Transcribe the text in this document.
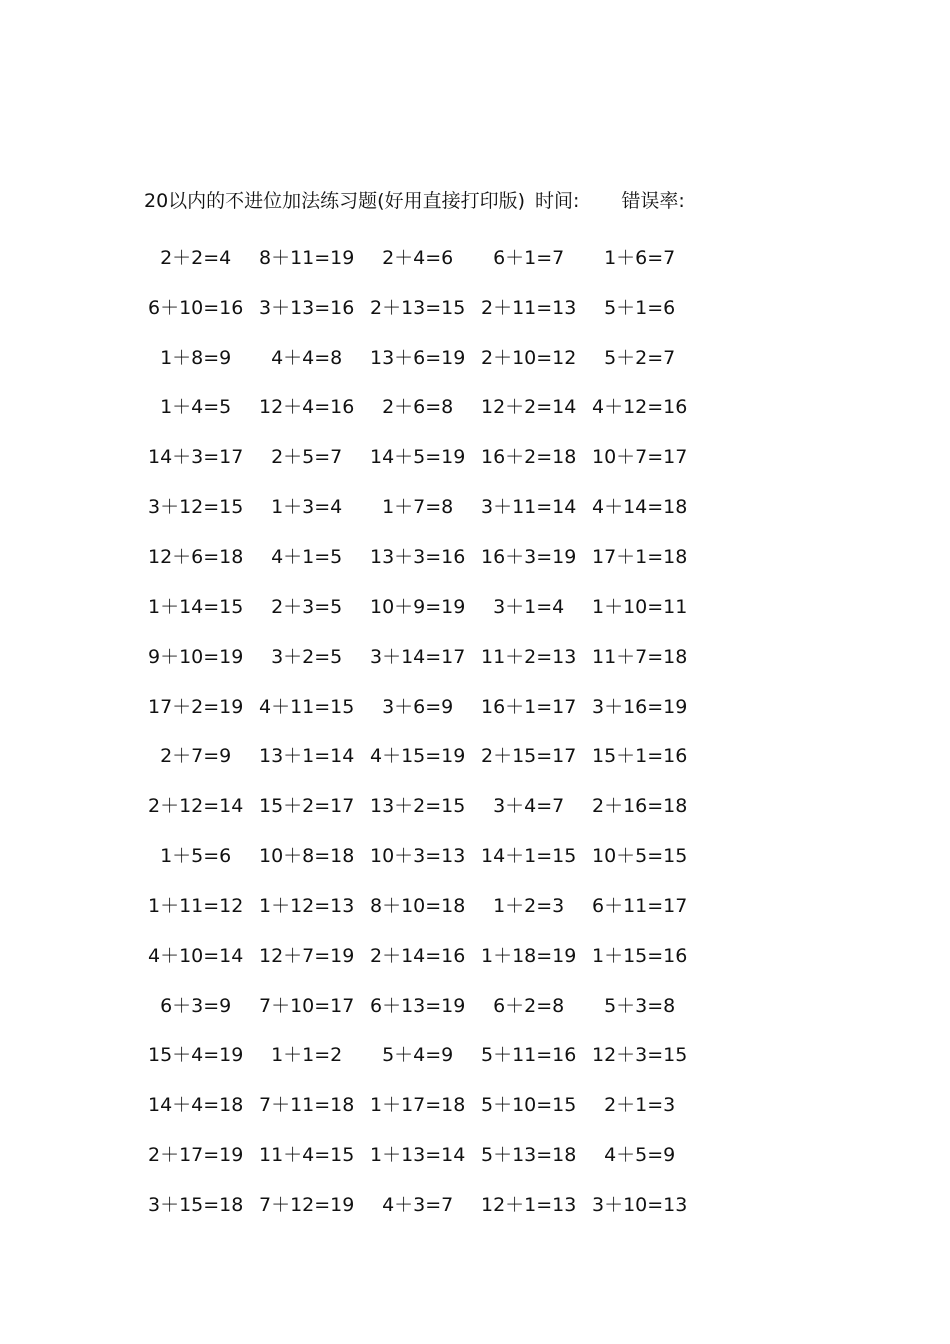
20以内的不进位加法练习题(好用直接打印版) 时间: 错误率:
2＋2=4	8＋11=19 2＋4=6	6＋1=7	1＋6=7
6＋10=16 3＋13=16 2＋13=15 2＋11=13 5＋1=6
1＋8=9	4＋4=8	13＋6=19 2＋10=12 5＋2=7
1＋4=5	12＋4=16 2＋6=8	12＋2=14 4＋12=16
14＋3=17 2＋5=7	14＋5=19 16＋2=18 10＋7=17
3＋12=15 1＋3=4	1＋7=8	3＋11=14 4＋14=18
12＋6=18 4＋1=5	13＋3=16 16＋3=19 17＋1=18
1＋14=15 2＋3=5	10＋9=19 3＋1=4	1＋10=11
9＋10=19 3＋2=5	3＋14=17 11＋2=13 11＋7=18
17＋2=19 4＋11=15 3＋6=9	16＋1=17 3＋16=19
2＋7=9	13＋1=14 4＋15=19 2＋15=17 15＋1=16
2＋12=14 15＋2=17 13＋2=15 3＋4=7	2＋16=18
1＋5=6	10＋8=18 10＋3=13 14＋1=15 10＋5=15
1＋11=12 1＋12=13 8＋10=18 1＋2=3	6＋11=17
4＋10=14 12＋7=19 2＋14=16 1＋18=19 1＋15=16
6＋3=9	7＋10=17 6＋13=19 6＋2=8	5＋3=8
15＋4=19 1＋1=2	5＋4=9	5＋11=16 12＋3=15
14＋4=18 7＋11=18 1＋17=18 5＋10=15 2＋1=3
2＋17=19 11＋4=15 1＋13=14 5＋13=18 4＋5=9
3＋15=18 7＋12=19 4＋3=7	12＋1=13 3＋10=13
